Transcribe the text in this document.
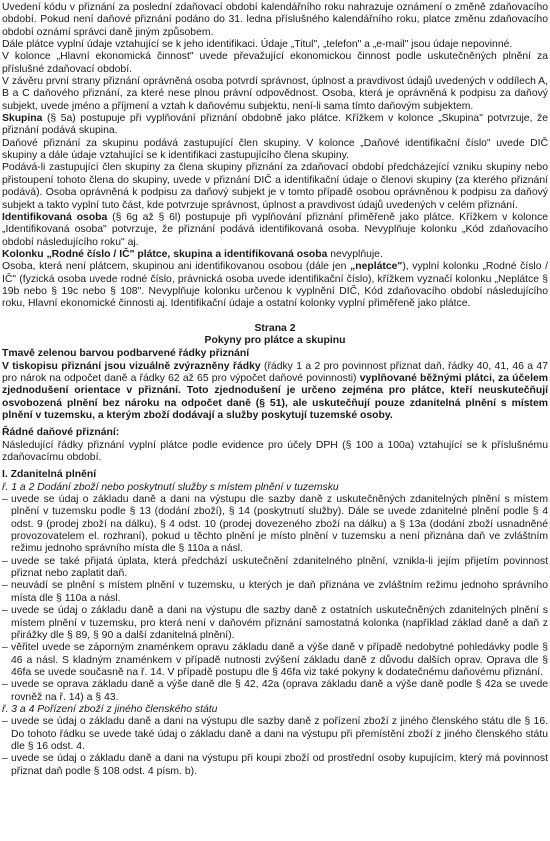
Uvedení kódu v přiznání za poslední zdaňovací období kalendářního roku nahrazuje oznámení o změně zdaňovacího období. Pokud není daňové přiznání podáno do 31. ledna příslušného kalendářního roku, platce změnu zdaňovacího období oznámí správci daně jiným způsobem.

Dále plátce vyplní údaje vztahující se k jeho identifikaci. Údaje „Titul", „telefon" a „e-mail" jsou údaje nepovinné.

V kolonce „Hlavní ekonomická činnost" uvede převažující ekonomickou činnost podle uskutečněných plnění za příslušné zdaňovací období.

V závěru první strany přiznání oprávněná osoba potvrdí správnost, úplnost a pravdivost údajů uvedených v oddílech A, B a C daňového přiznání, za které nese plnou právní odpovědnost. Osoba, která je oprávněná k podpisu za daňový subjekt, uvede jméno a příjmení a vztah k daňovému subjektu, není-li sama tímto daňovým subjektem.

Skupina (§ 5a) postupuje při vyplňování přiznání obdobně jako plátce. Křížkem v kolonce „Skupina" potvrzuje, že přiznání podává skupina.

Daňové přiznání za skupinu podává zastupující člen skupiny. V kolonce „Daňové identifikační číslo" uvede DIČ skupiny a dále údaje vztahující se k identifikaci zastupujícího člena skupiny.

Podává-li zastupující člen skupiny za člena skupiny přiznání za zdaňovací období předcházející vzniku skupiny nebo přistoupení tohoto člena do skupiny, uvede v přiznání DIČ a identifikační údaje o členovi skupiny (za kterého přiznání podává). Osoba oprávněná k podpisu za daňový subjekt je v tomto případě osobou oprávněnou k podpisu za daňový subjekt a takto vyplní tuto část, kde potvrzuje správnost, úplnost a pravdivost údajů uvedených v celém přiznání.

Identifikovaná osoba (§ 6g až § 6l) postupuje při vyplňování přiznání přiměřeně jako plátce. Křížkem v kolonce „Identifikovaná osoba" potvrzuje, že přiznání podává identifikovaná osoba. Nevyplňuje kolonku „Kód zdaňovacího období následujícího roku" aj.

Kolonku „Rodné číslo / IČ" plátce, skupina a identifikovaná osoba nevyplňuje.

Osoba, která není plátcem, skupinou ani identifikovanou osobou (dále jen „neplátce"), vyplní kolonku „Rodné číslo / IČ" (fyzická osoba uvede rodné číslo, právnická osoba uvede identifikační číslo), křížkem vyznačí kolonku „Neplátce § 19b nebo § 19c nebo § 108". Nevyplňuje kolonku určenou k vyplnění DIČ, Kód zdaňovacího období následujícího roku, Hlavní ekonomické činnosti aj. Identifikační údaje a ostatní kolonky vyplní přiměřeně jako plátce.

Strana 2

Pokyny pro plátce a skupinu

Tmavě zelenou barvou podbarvené řádky přiznání

V tiskopisu přiznání jsou vizuálně zvýrazněny řádky (řádky 1 a 2 pro povinnost přiznat daň, řádky 40, 41, 46 a 47 pro nárok na odpočet daně a řádky 62 až 65 pro výpočet daňové povinnosti) vyplňované běžnými plátci, za účelem zjednodušení orientace v přiznání. Toto zjednodušení je určeno zejména pro plátce, kteří neuskutečňují osvobozená plnění bez nároku na odpočet daně (§ 51), ale uskutečňují pouze zdanitelná plnění s místem plnění v tuzemsku, a kterým zboží dodávají a služby poskytují tuzemské osoby.

Řádné daňové přiznání:

Následující řádky přiznání vyplní plátce podle evidence pro účely DPH (§ 100 a 100a) vztahující se k příslušnému zdaňovacímu období.

I. Zdanitelná plnění

ř. 1 a 2 Dodání zboží nebo poskytnutí služby s místem plnění v tuzemsku

– uvede se údaj o základu daně a dani na výstupu dle sazby daně z uskutečněných zdanitelných plnění s místem plnění v tuzemsku podle § 13 (dodání zboží), § 14 (poskytnutí služby). Dále se uvede zdanitelné plnění podle § 4 odst. 9 (prodej zboží na dálku), § 4 odst. 10 (prodej dovezeného zboží na dálku) a § 13a (dodání zboží usnadněné provozovatelem el. rozhraní), pokud u těchto plnění je místo plnění v tuzemsku a není přiznána daň ve zvláštním režimu jednoho správního místa dle § 110a a násl.
– uvede se také přijatá úplata, která předchází uskutečnění zdanitelného plnění, vznikla-li jejím přijetím povinnost přiznat nebo zaplatit daň.
– neuvádí se plnění s místem plnění v tuzemsku, u kterých je daň přiznána ve zvláštním režimu jednoho správního místa dle § 110a a násl.
– uvede se údaj o základu daně a dani na výstupu dle sazby daně z ostatních uskutečněných zdanitelných plnění s místem plnění v tuzemsku, pro která není v daňovém přiznání samostatná kolonka (například základ daně a daň z přirážky dle § 89, § 90 a další zdanitelná plnění).
– věřitel uvede se záporným znaménkem opravu základu daně a výše daně v případě nedobytné pohledávky podle § 46 a násl. S kladným znaménkem v případě nutnosti zvýšení základu daně z důvodu dalších oprav. Oprava dle § 46fa se uvede současně na ř. 14. V případě postupu dle § 46fa viz také pokyny k dodatečnému daňovému přiznání.
– uvede se oprava základu daně a výše daně dle § 42, 42a (oprava základu daně a výše daně podle § 42a se uvede rovněž na ř. 14) a § 43.

ř. 3 a 4 Pořízení zboží z jiného členského státu

– uvede se údaj o základu daně a dani na výstupu dle sazby daně z pořízení zboží z jiného členského státu dle § 16. Do tohoto řádku se uvede také údaj o základu daně a dani na výstupu při přemístění zboží z jiného členského státu dle § 16 odst. 4.
– uvede se údaj o základu daně a dani na výstupu při koupi zboží od prostřední osoby kupujícím, který má povinnost přiznat daň podle § 108 odst. 4 písm. b).
